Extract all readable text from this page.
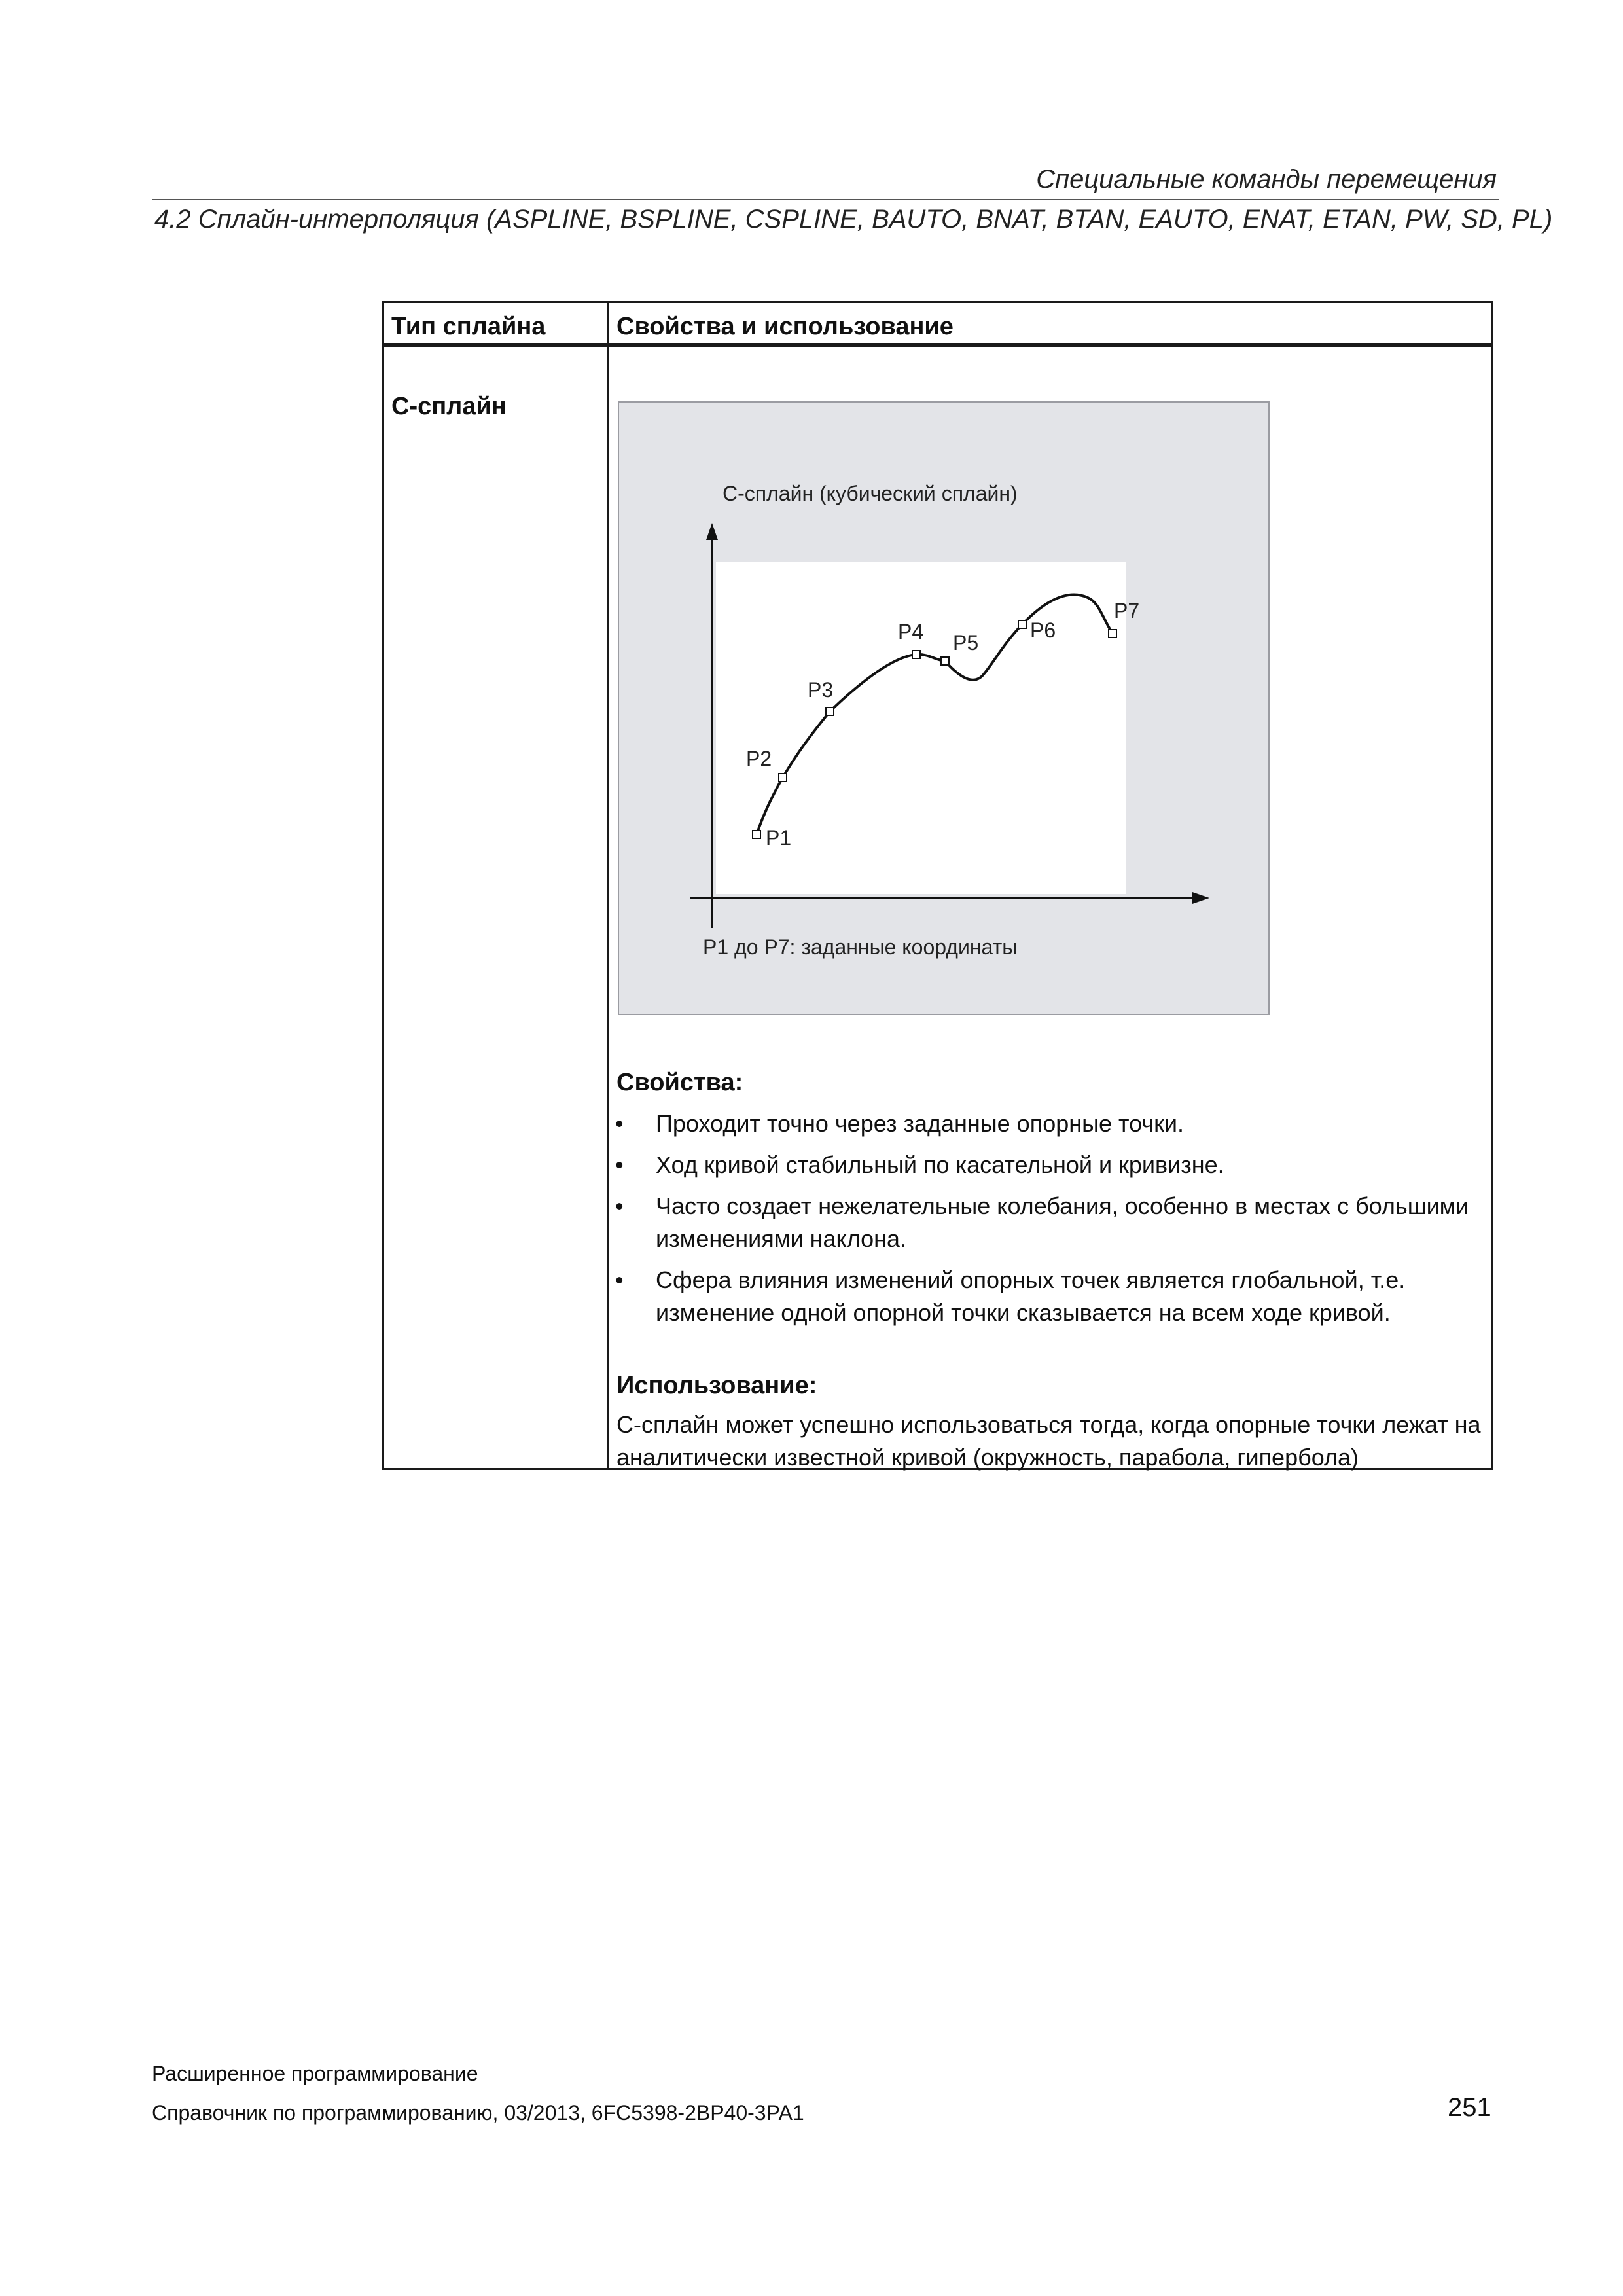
Специальные команды перемещения
4.2 Сплайн-интерполяция (ASPLINE, BSPLINE, CSPLINE, BAUTO, BNAT, BTAN, EAUTO, ENAT, ETAN, PW, SD, PL)
Тип сплайна	Свойства и использование
C-сплайн
C-сплайн (кубический сплайн)
P1
P2
P3
P4 P5
P6
P7
P1 до P7: заданные координаты
Свойства:
• Проходит точно через заданные опорные точки.
• Ход кривой стабильный по касательной и кривизне.
• Часто создает нежелательные колебания, особенно в местах с большими изменениями наклона.
• Сфера влияния изменений опорных точек является глобальной, т.е. изменение одной опорной точки сказывается на всем ходе кривой.
Использование:
C-сплайн может успешно использоваться тогда, когда опорные точки лежат на аналитически известной кривой (окружность, парабола, гипербола)
Расширенное программирование
Справочник по программированию, 03/2013, 6FC5398-2BP40-3PA1	251
